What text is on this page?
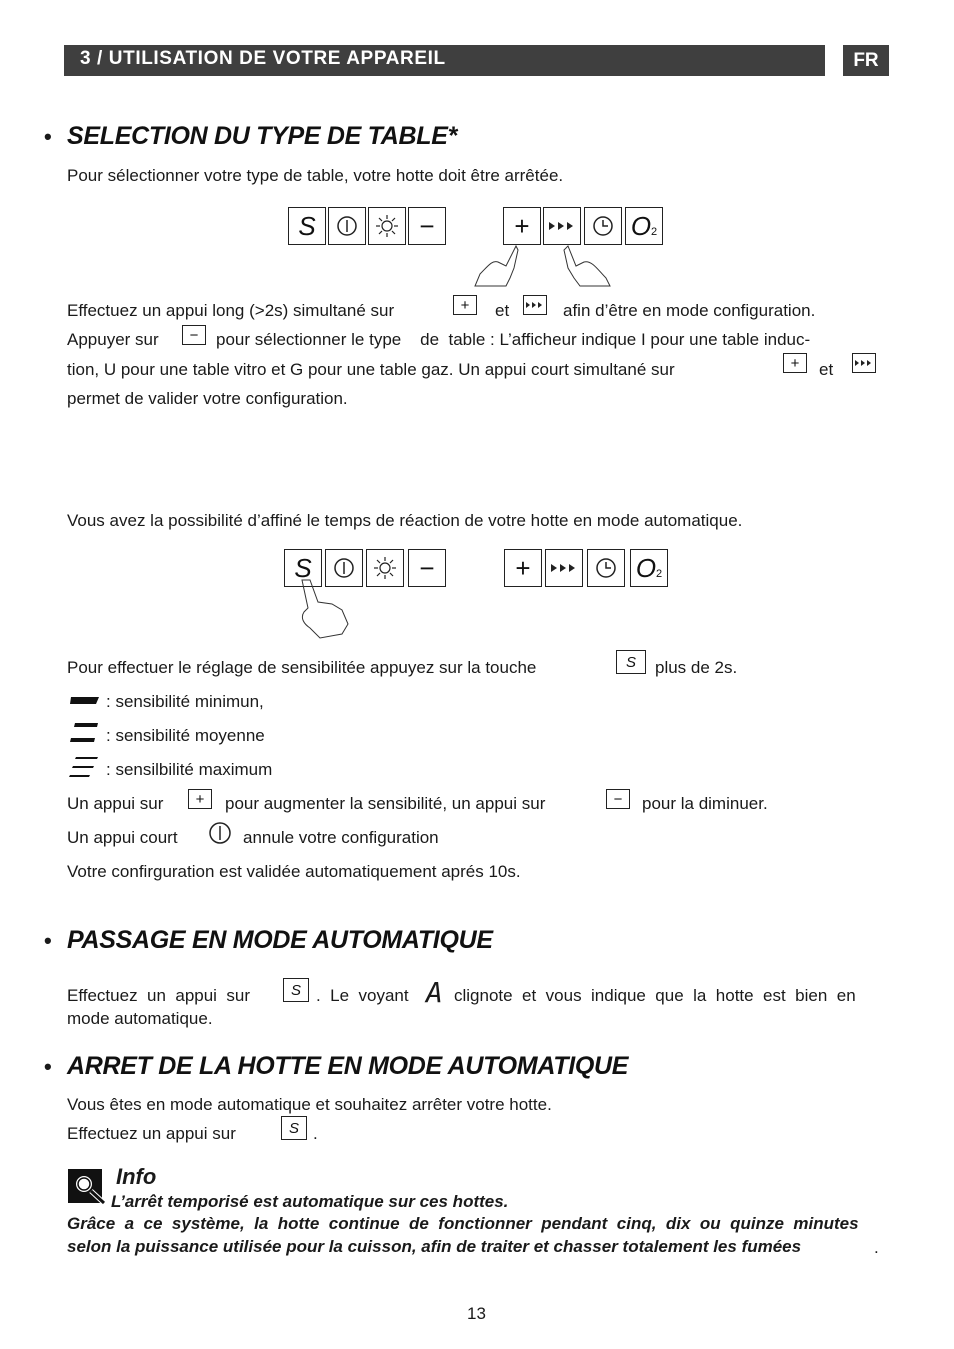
3 / UTILISATION DE VOTRE APPAREIL	FR
• SELECTION DU TYPE DE TABLE*
Pour sélectionner votre type de table, votre hotte doit être arrêtée.
S	−	+	O 2
Effectuez un appui long (>2s) simultané sur	+ et	afin d’être en mode configuration.
Appuyer sur − pour sélectionner le type    de  table : L’afficheur indique I pour une table induc-
tion, U pour une table vitro et G pour une table gaz. Un appui court simultané sur	+ et
permet de valider votre configuration.
Vous avez la possibilité d’affiné le temps de réaction de votre hotte en mode automatique.
S	−	+	O 2
Pour effectuer le réglage de sensibilitée appuyez sur la touche	S plus de 2s.
: sensibilité minimun,
: sensibilité moyenne
: sensilbilité maximum
Un appui sur + pour augmenter la sensibilité, un appui sur	− pour la diminuer.
Un appui court	annule votre configuration
Votre confirguration est validée automatiquement aprés 10s.
• PASSAGE EN MODE AUTOMATIQUE
Effectuez  un  appui  sur	S .  Le  voyant A clignote  et  vous  indique  que  la  hotte  est  bien  en
mode automatique.
• ARRET DE LA HOTTE EN MODE AUTOMATIQUE
Vous êtes en mode automatique et souhaitez arrêter votre hotte.
Effectuez un appui sur	S .
Info
L’arrêt temporisé est automatique sur ces hottes.
Grâce  a  ce  système,  la  hotte  continue  de  fonctionner  pendant  cinq,  dix  ou  quinze  minutes
selon la puissance utilisée pour la cuisson, afin de traiter et chasser totalement les fumées	.
13
